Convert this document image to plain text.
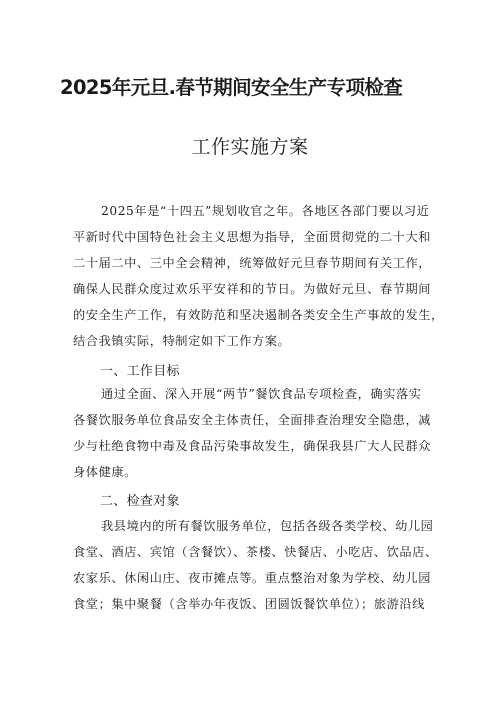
2025年元旦.春节期间安全生产专项检查
工作实施方案
2025年是“十四五”规划收官之年。各地区各部门要以习近
平新时代中国特色社会主义思想为指导，全面贯彻党的二十大和
二十届二中、三中全会精神，统筹做好元旦春节期间有关工作，
确保人民群众度过欢乐平安祥和的节日。为做好元旦、春节期间
的安全生产工作，有效防范和坚决遏制各类安全生产事故的发生，
结合我镇实际，特制定如下工作方案。
一、工作目标
通过全面、深入开展“两节”餐饮食品专项检查，确实落实
各餐饮服务单位食品安全主体责任，全面排查治理安全隐患，减
少与杜绝食物中毒及食品污染事故发生，确保我县广大人民群众
身体健康。
二、检查对象
我县境内的所有餐饮服务单位，包括各级各类学校、幼儿园
食堂、酒店、宾馆（含餐饮）、茶楼、快餐店、小吃店、饮品店、
农家乐、休闲山庄、夜市摊点等。重点整治对象为学校、幼儿园
食堂；集中聚餐（含举办年夜饭、团圆饭餐饮单位）；旅游沿线
